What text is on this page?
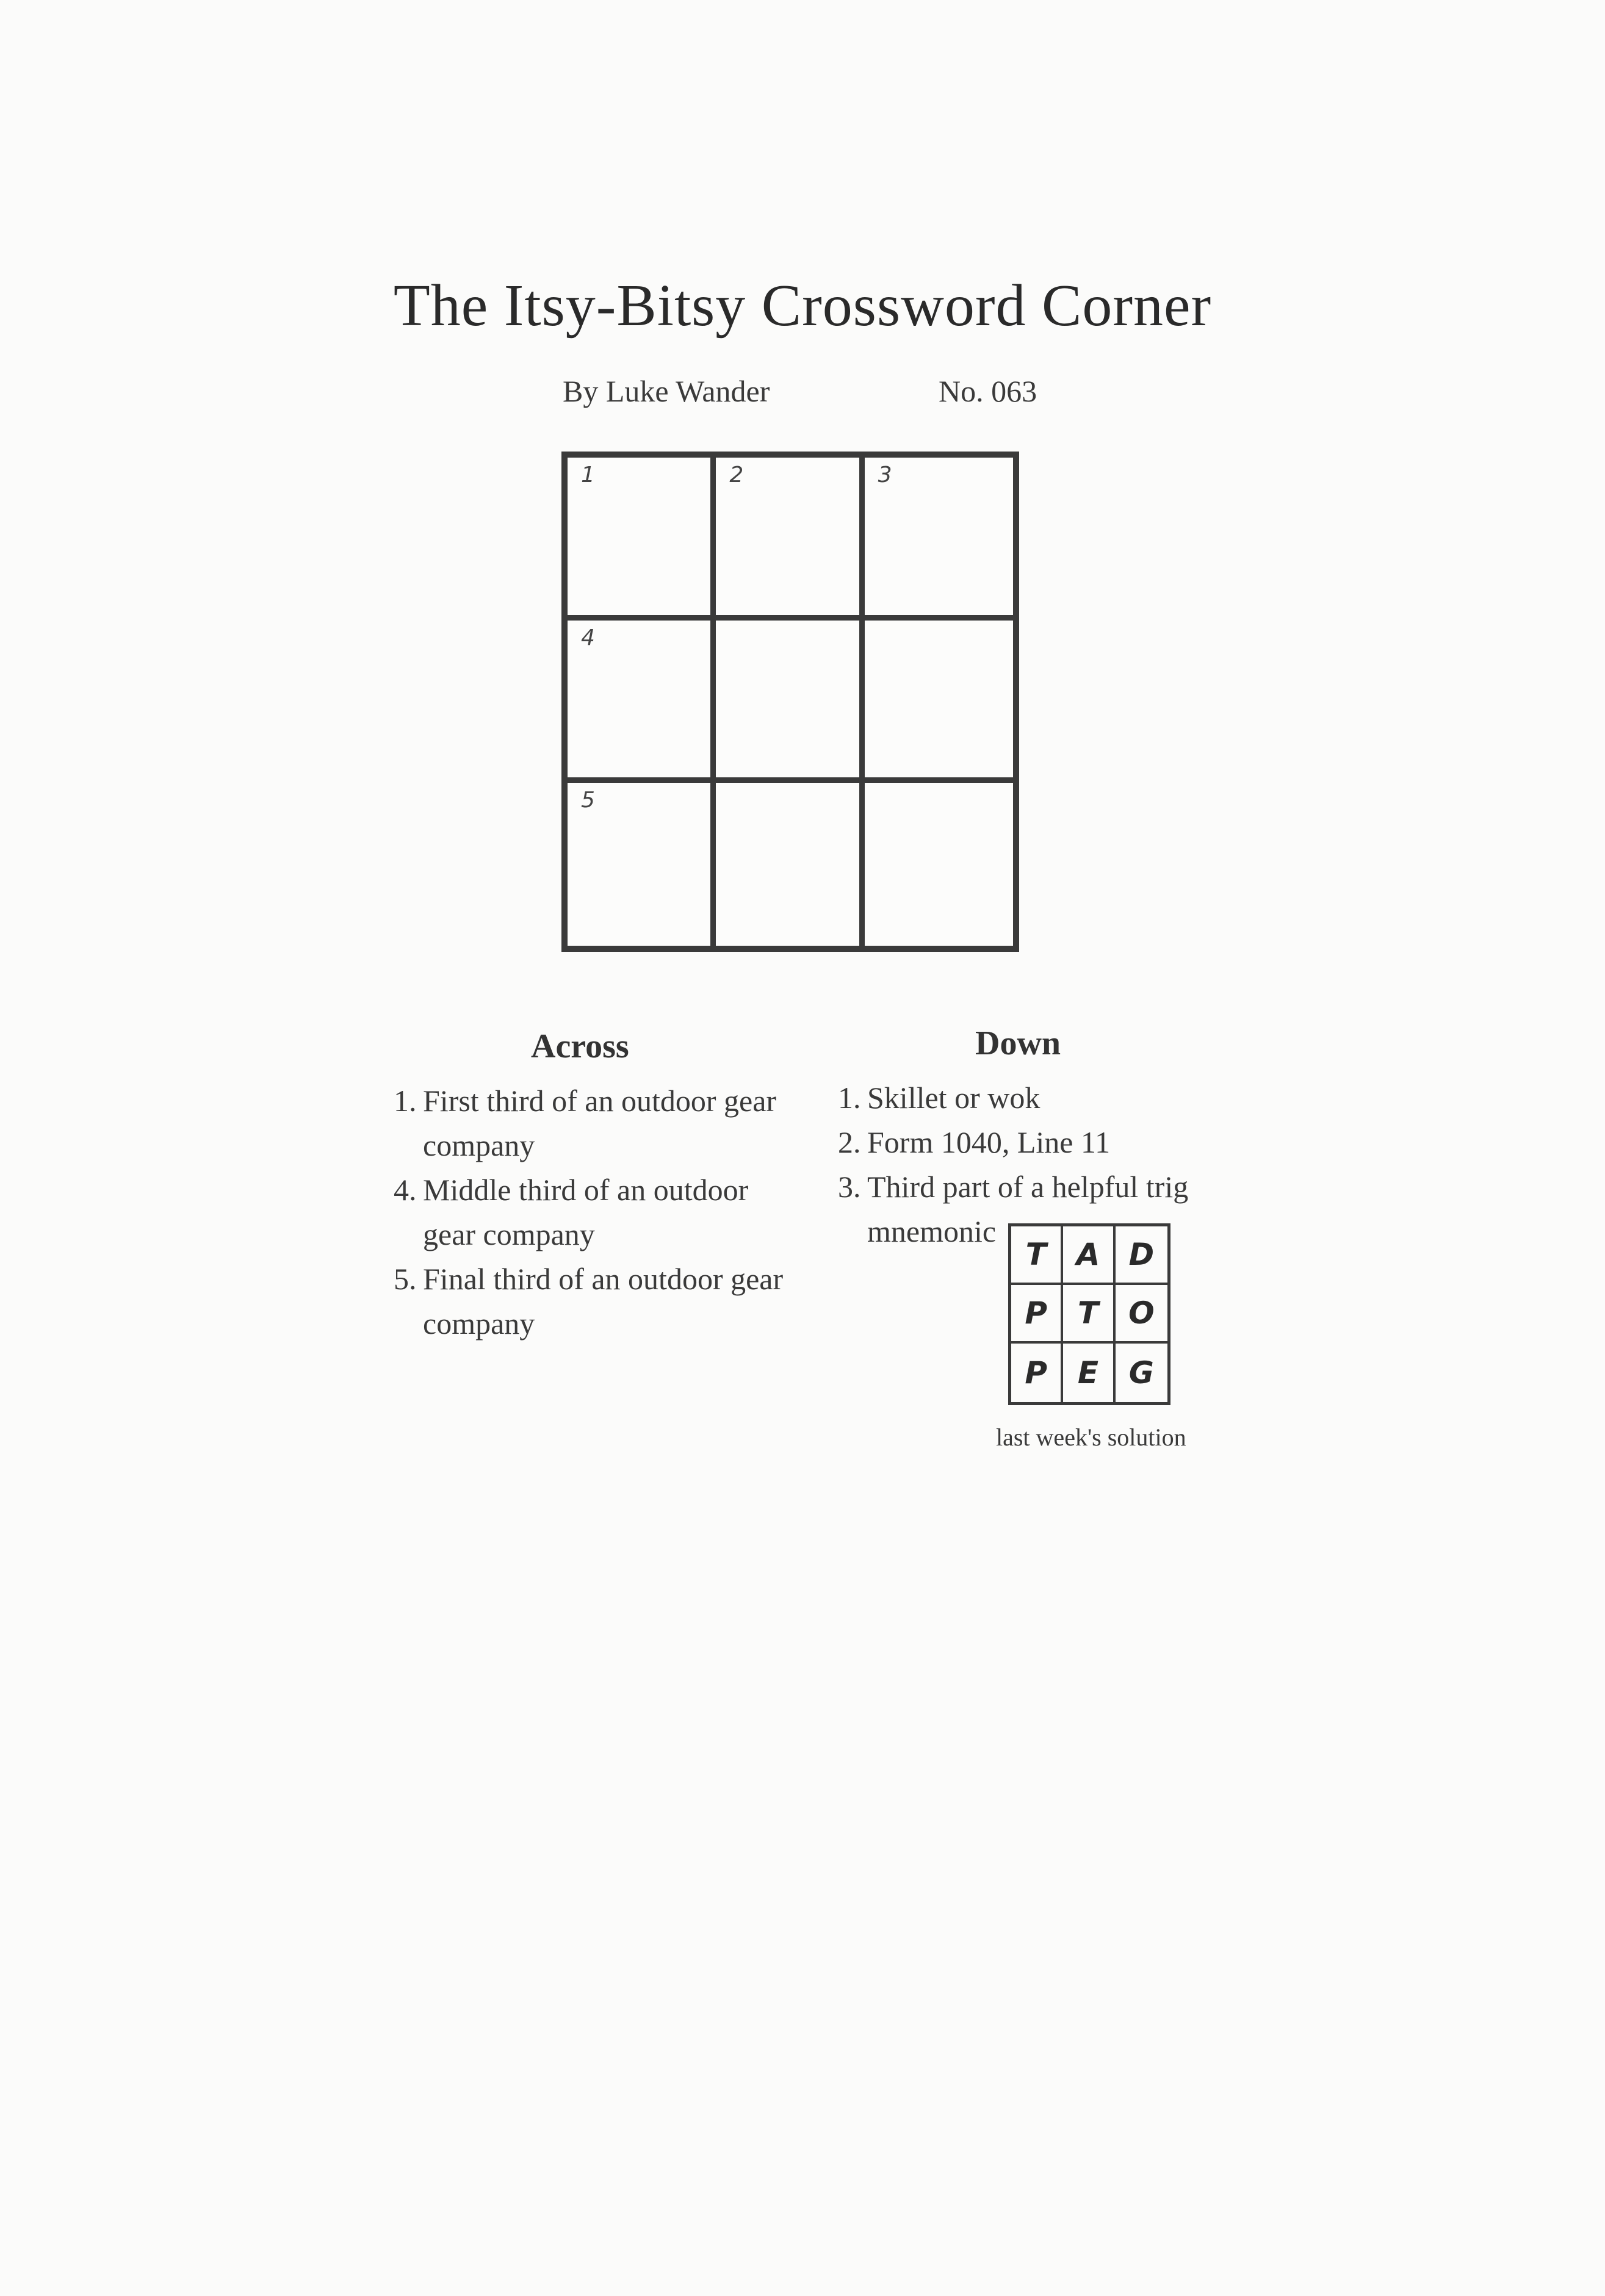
The Itsy-Bitsy Crossword Corner
By Luke Wander	No. 063
1	2	3
4
5
Across
1. First third of an outdoor gear company
4. Middle third of an outdoor gear company
5. Final third of an outdoor gear company
Down
1. Skillet or wok
2. Form 1040, Line 11
3. Third part of a helpful trig mnemonic
T A D
P T O
P E G
last week's solution
